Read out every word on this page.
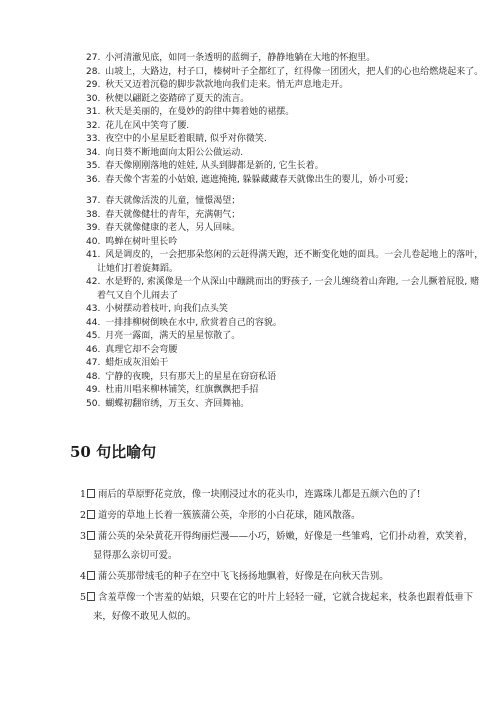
27. 小河清澈见底，如同一条透明的蓝绸子，静静地躺在大地的怀抱里。

28. 山坡上，大路边，村子口，榛树叶子全都红了，红得像一团团火，把人们的心也给燃烧起来了。

29. 秋天又迈着沉稳的脚步款款地向我们走来。悄无声息地走开。

30. 秋便以翩跹之姿踏碎了夏天的流言。

31. 秋天是美丽的，在曼妙的韵律中舞着她的裙摆。

32. 花儿在风中笑弯了腰.

33. 夜空中的小星星眨着眼睛, 似乎对你微笑.

34. 向日葵不断地面向太阳公公做运动.

35. 春天像刚刚落地的娃娃, 从头到脚都是新的, 它生长着。

36. 春天像个害羞的小姑娘, 遮遮掩掩, 躲躲藏藏春天就像出生的婴儿，娇小可爱；

37. 春天就像活泼的儿童，憧憬渴望；

38. 春天就像健壮的青年，充满朝气；

39. 春天就像健康的老人，另人回味。

40. 鸣蝉在树叶里长吟

41. 风是调皮的，一会把那朵悠闲的云赶得满天跑，还不断变化她的面具。一会儿卷起地上的落叶，让她们打着旋舞蹈。

42. 水是野的, 索溪像是一个从深山中蹦跳而出的野孩子, 一会儿缠绕着山奔跑, 一会儿撅着屁股, 赌着气又自个儿闹去了

43. 小树摆动着枝叶, 向我们点头笑

44. 一排排柳树倒映在水中, 欣赏着自己的容貌。

45. 月亮一露面，满天的星星惊散了。

46. 真理它却不会弯腰

47. 蜡炬成灰泪始干

48. 宁静的夜晚，只有那天上的星星在窃窃私语

49. 杜甫川唱来柳林铺笑，红旗飘飘把手招

50. 蝴蝶初翻帘绣，万玉女、齐回舞袖。

50 句比喻句

1 雨后的草原野花竞放，像一块刚浸过水的花头巾，连露珠儿都是五颜六色的了!

2 道旁的草地上长着一簇簇蒲公英，伞形的小白花球，随风散落。

3 蒲公英的朵朵黄花开得绚丽烂漫——小巧，娇嫩，好像是一些雏鸡，它们扑动着，欢笑着，显得那么亲切可爱。

4 蒲公英那带绒毛的种子在空中飞飞扬扬地飘着，好像是在向秋天告别。

5 含羞草像一个害羞的姑娘，只要在它的叶片上轻轻一碰，它就合拢起来，枝条也跟着低垂下来，好像不敢见人似的。
